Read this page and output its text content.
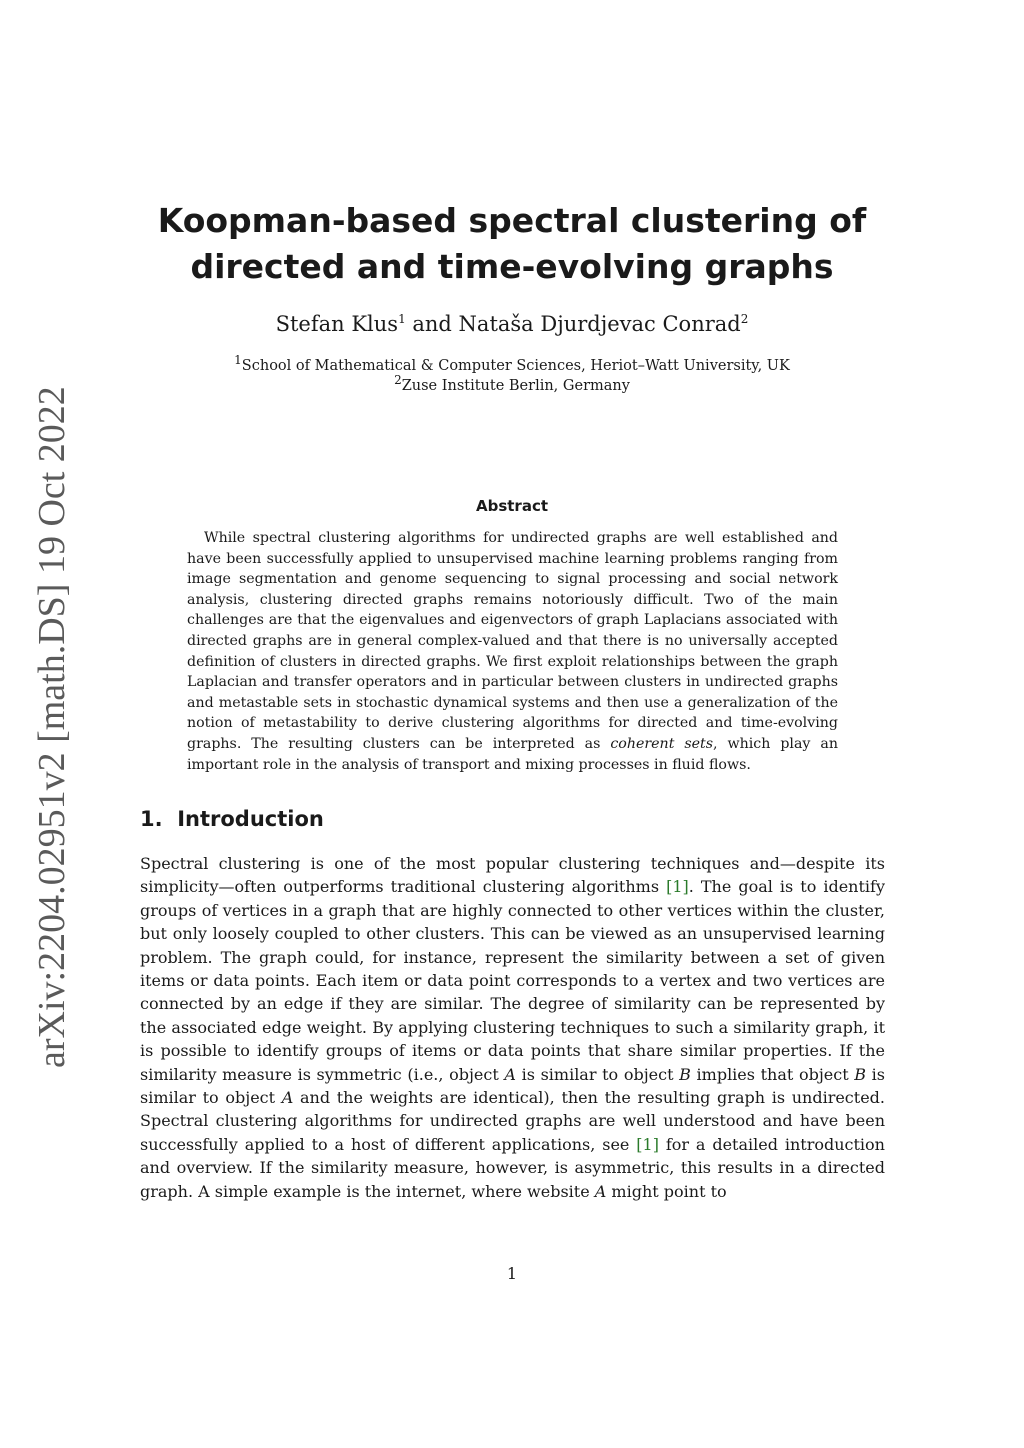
arXiv:2204.02951v2 [math.DS] 19 Oct 2022
Koopman-based spectral clustering of
directed and time-evolving graphs
Stefan Klus$^1$ and Nataša Djurdjevac Conrad$^2$
$^1$School of Mathematical & Computer Sciences, Heriot–Watt University, UK
$^2$Zuse Institute Berlin, Germany
Abstract
While spectral clustering algorithms for undirected graphs are well established and have been successfully applied to unsupervised machine learning problems ranging from image segmentation and genome sequencing to signal processing and social network analysis, clustering directed graphs remains notoriously difficult. Two of the main challenges are that the eigenvalues and eigenvectors of graph Laplacians associated with directed graphs are in general complex-valued and that there is no universally accepted definition of clusters in directed graphs. We first exploit relationships between the graph Laplacian and transfer operators and in particular between clusters in undirected graphs and metastable sets in stochastic dynamical systems and then use a generalization of the notion of metastability to derive clustering algorithms for directed and time-evolving graphs. The resulting clusters can be interpreted as coherent sets, which play an important role in the analysis of transport and mixing processes in fluid flows.
1. Introduction
Spectral clustering is one of the most popular clustering techniques and—despite its simplicity—often outperforms traditional clustering algorithms [1]. The goal is to identify groups of vertices in a graph that are highly connected to other vertices within the cluster, but only loosely coupled to other clusters. This can be viewed as an unsupervised learning problem. The graph could, for instance, represent the similarity between a set of given items or data points. Each item or data point corresponds to a vertex and two vertices are connected by an edge if they are similar. The degree of similarity can be represented by the associated edge weight. By applying clustering techniques to such a similarity graph, it is possible to identify groups of items or data points that share similar properties. If the similarity measure is symmetric (i.e., object A is similar to object B implies that object B is similar to object A and the weights are identical), then the resulting graph is undirected. Spectral clustering algorithms for undirected graphs are well understood and have been successfully applied to a host of different applications, see [1] for a detailed introduction and overview. If the similarity measure, however, is asymmetric, this results in a directed graph. A simple example is the internet, where website A might point to
1
